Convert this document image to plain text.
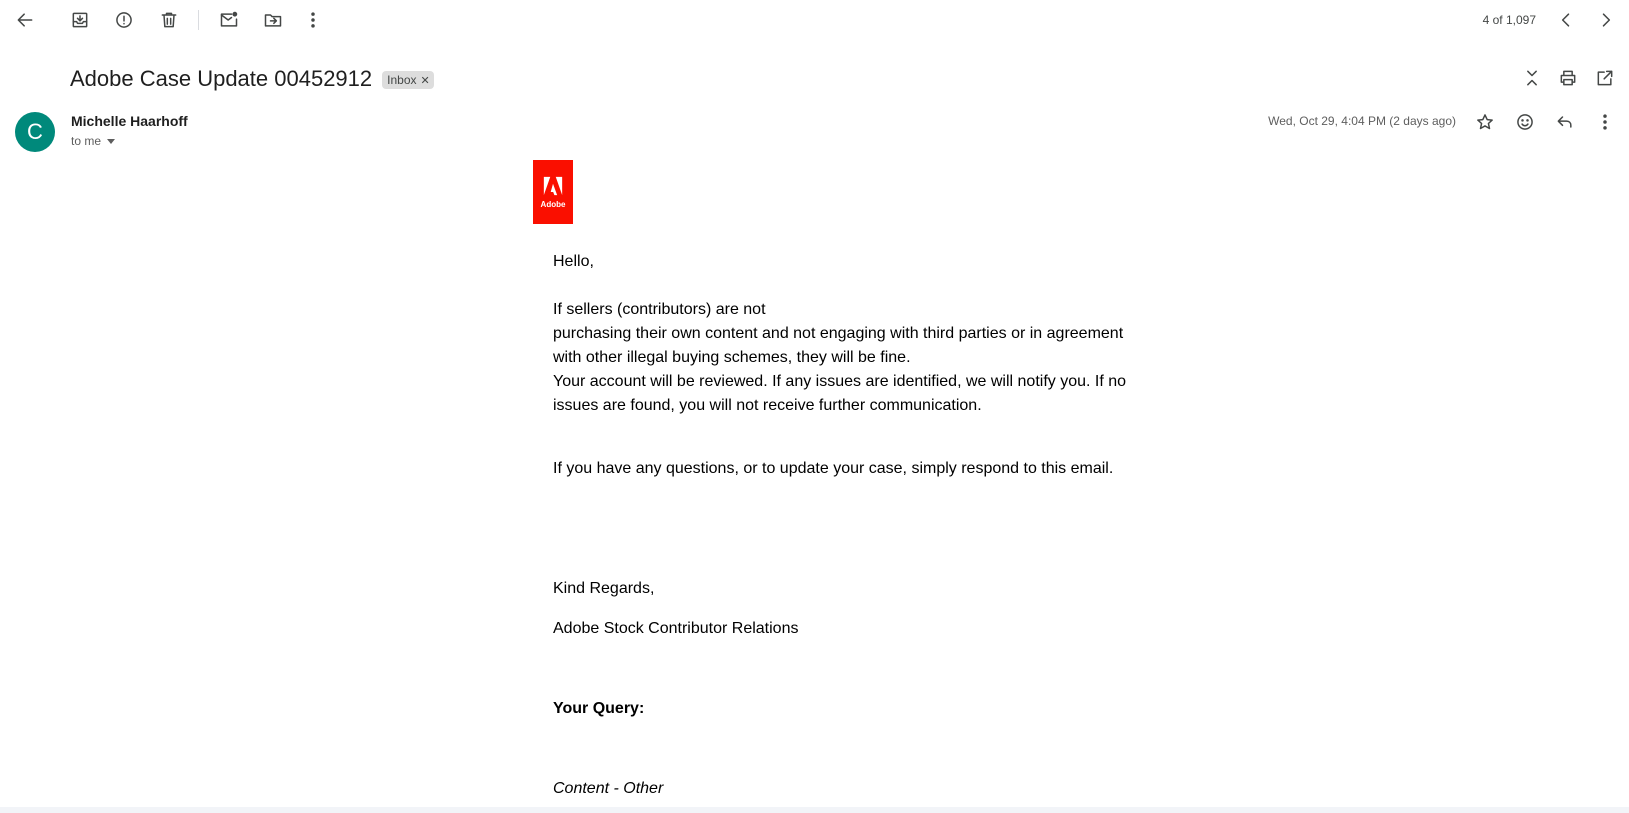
4 of 1,097
Adobe Case Update 00452912 Inbox ✕
C	Michelle Haarhoff
to me
Wed, Oct 29, 4:04 PM (2 days ago)
Adobe
Hello,
If sellers (contributors) are not
purchasing their own content and not engaging with third parties or in agreement
with other illegal buying schemes, they will be fine.
Your account will be reviewed. If any issues are identified, we will notify you. If no
issues are found, you will not receive further communication.
If you have any questions, or to update your case, simply respond to this email.
Kind Regards,
Adobe Stock Contributor Relations
Your Query:
Content - Other
